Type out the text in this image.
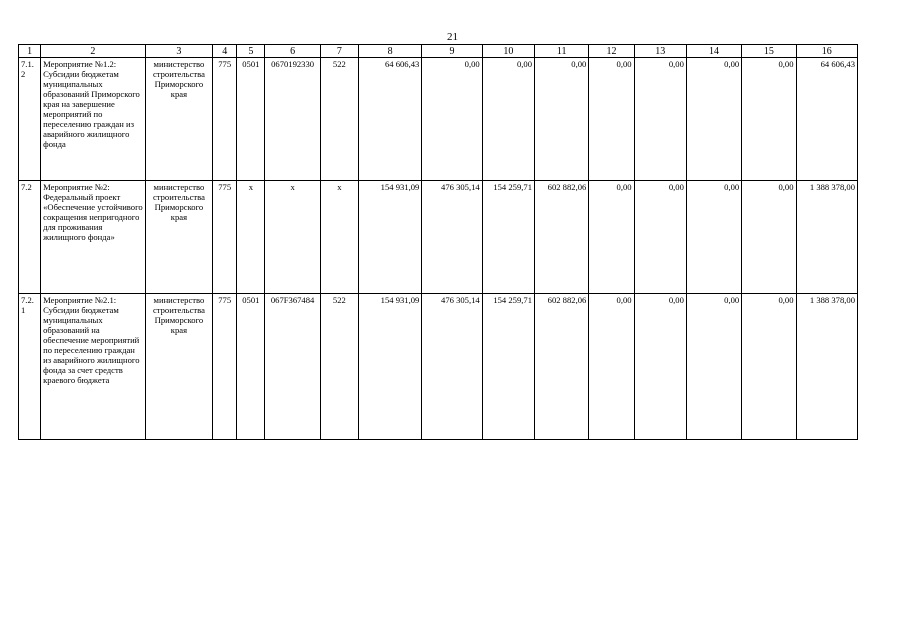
21
1	2	3	4	5	6	7	8	9	10	11	12	13	14	15	16
7.1.2	Мероприятие №1.2: Субсидии бюджетам муниципальных образований Приморского края на завершение мероприятий по переселению граждан из аварийного жилищного фонда	министерство строительства Приморского края	775	0501	0670192330	522	64 606,43	0,00	0,00	0,00	0,00	0,00	0,00	0,00	64 606,43
7.2	Мероприятие №2: Федеральный проект «Обеспечение устойчивого сокращения непригодного для проживания жилищного фонда»	министерство строительства Приморского края	775	x	x	x	154 931,09	476 305,14	154 259,71	602 882,06	0,00	0,00	0,00	0,00	1 388 378,00
7.2.1	Мероприятие №2.1: Субсидии бюджетам муниципальных образований на обеспечение мероприятий по переселению граждан из аварийного жилищного фонда за счет средств краевого бюджета	министерство строительства Приморского края	775	0501	067F367484	522	154 931,09	476 305,14	154 259,71	602 882,06	0,00	0,00	0,00	0,00	1 388 378,00
